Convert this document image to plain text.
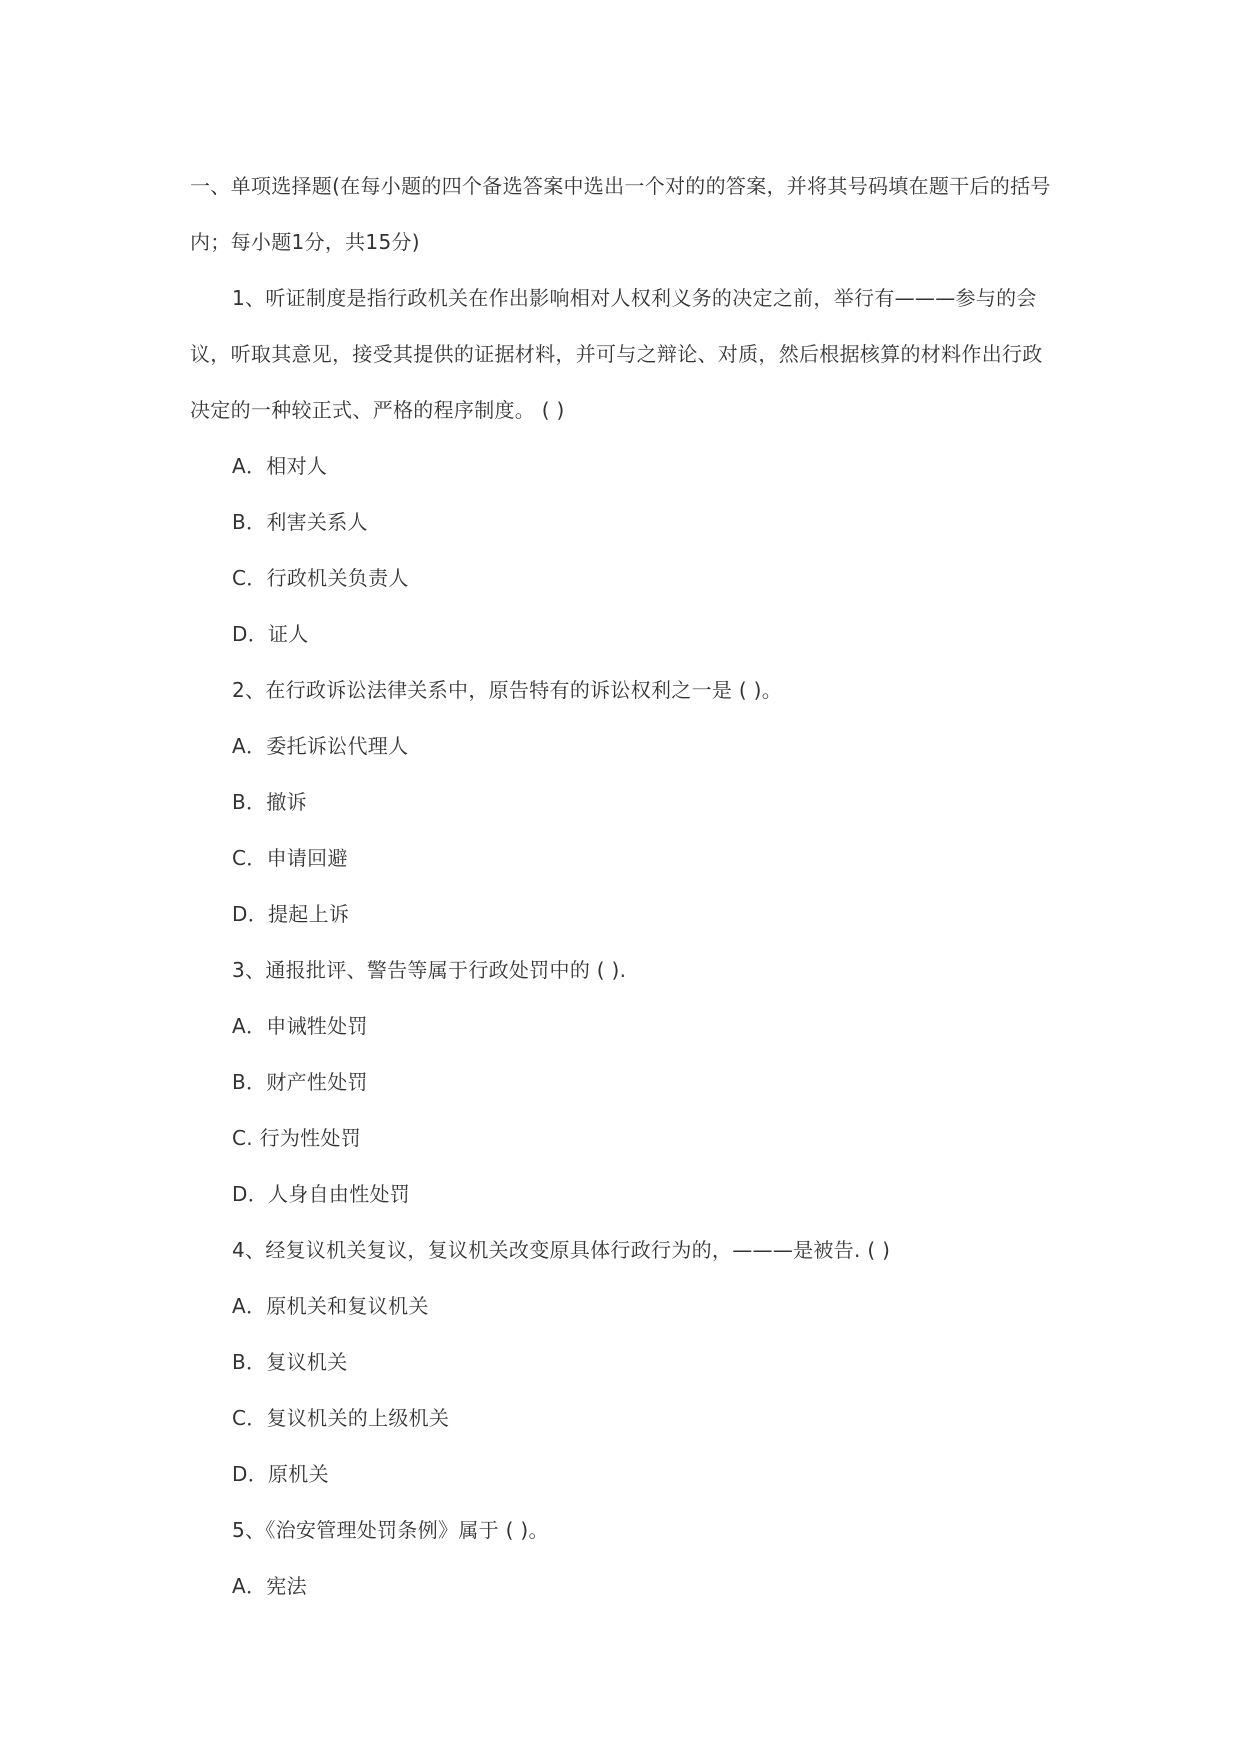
一、单项选择题(在每小题的四个备选答案中选出一个对的的答案，并将其号码填在题干后的括号内；每小题1分，共15分)

1、听证制度是指行政机关在作出影响相对人权利义务的决定之前，举行有———参与的会议，听取其意见，接受其提供的证据材料，并可与之辩论、对质，然后根据核算的材料作出行政决定的一种较正式、严格的程序制度。 ( )

A．相对人
B．利害关系人
C．行政机关负责人
D．证人

2、在行政诉讼法律关系中，原告特有的诉讼权利之一是 ( )。

A．委托诉讼代理人
B．撤诉
C．申请回避
D．提起上诉

3、通报批评、警告等属于行政处罚中的 ( ).

A．申诫牲处罚
B．财产性处罚
C. 行为性处罚
D．人身自由性处罚

4、经复议机关复议，复议机关改变原具体行政行为的，———是被告. ( )

A．原机关和复议机关
B．复议机关
C．复议机关的上级机关
D．原机关

5、《治安管理处罚条例》属于 ( )。

A．宪法
